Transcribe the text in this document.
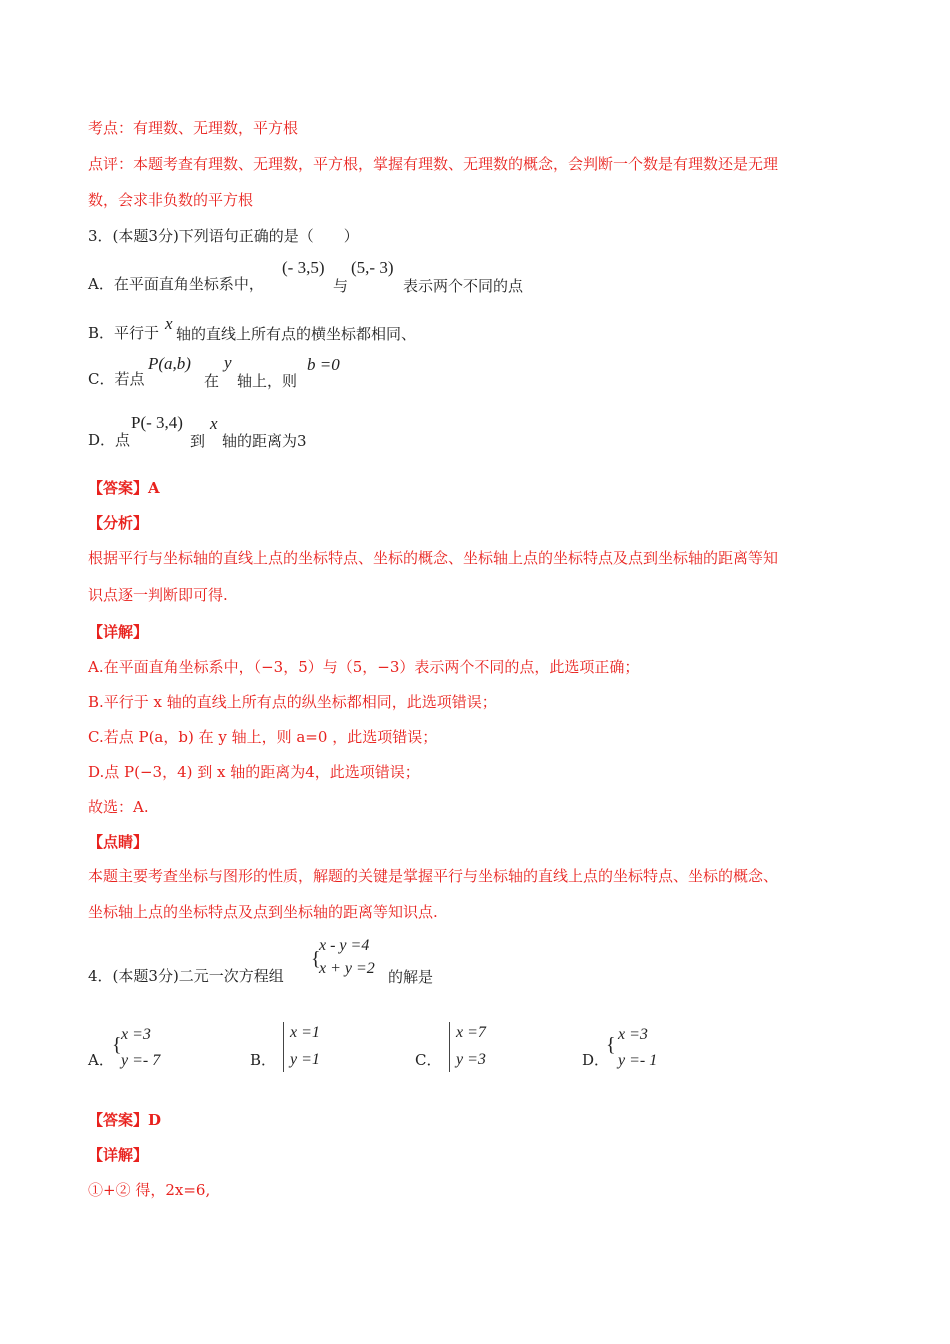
考点：有理数、无理数，平方根
点评：本题考查有理数、无理数，平方根，掌握有理数、无理数的概念，会判断一个数是有理数还是无理
数，会求非负数的平方根
3．(本题3分)下列语句正确的是（　　）
A．在平面直角坐标系中，
(- 3,5)
与
(5,- 3)
表示两个不同的点
B．平行于 x
轴的直线上所有点的横坐标都相同、
C．若点
P(a,b)
在
y
轴上，则
b =0
D．点
P(- 3,4)
到
x
轴的距离为3
【答案】A
【分析】
根据平行与坐标轴的直线上点的坐标特点、坐标的概念、坐标轴上点的坐标特点及点到坐标轴的距离等知
识点逐一判断即可得.
【详解】
A.在平面直角坐标系中，（−3，5）与（5，−3）表示两个不同的点，此选项正确；
B.平行于 x 轴的直线上所有点的纵坐标都相同，此选项错误；
C.若点 P(a，b) 在 y 轴上，则 a=0 ，此选项错误；
D.点 P(−3，4) 到 x 轴的距离为4，此选项错误；
故选：A.
【点睛】
本题主要考查坐标与图形的性质，解题的关键是掌握平行与坐标轴的直线上点的坐标特点、坐标的概念、
坐标轴上点的坐标特点及点到坐标轴的距离等知识点.
4．(本题3分)二元一次方程组
{
x - y =4
x + y =2 的解是
A．
{ x =3
y =- 7	B．
x =1
y =1	C．
x =7
y =3	D．
{ x =3
y =- 1
【答案】D
【详解】
①+② 得，2x=6,
